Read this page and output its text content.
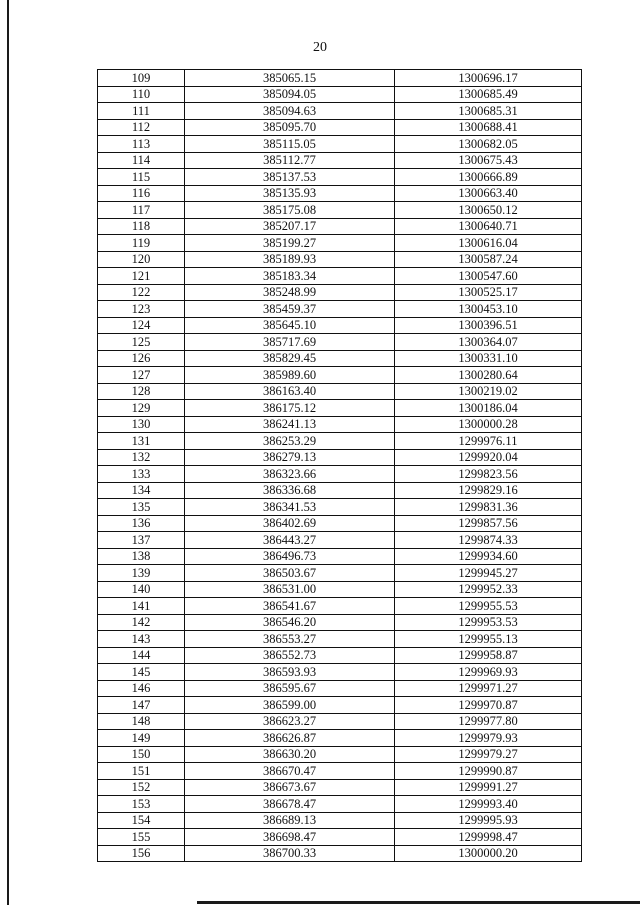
20
109	385065.15	1300696.17
110	385094.05	1300685.49
111	385094.63	1300685.31
112	385095.70	1300688.41
113	385115.05	1300682.05
114	385112.77	1300675.43
115	385137.53	1300666.89
116	385135.93	1300663.40
117	385175.08	1300650.12
118	385207.17	1300640.71
119	385199.27	1300616.04
120	385189.93	1300587.24
121	385183.34	1300547.60
122	385248.99	1300525.17
123	385459.37	1300453.10
124	385645.10	1300396.51
125	385717.69	1300364.07
126	385829.45	1300331.10
127	385989.60	1300280.64
128	386163.40	1300219.02
129	386175.12	1300186.04
130	386241.13	1300000.28
131	386253.29	1299976.11
132	386279.13	1299920.04
133	386323.66	1299823.56
134	386336.68	1299829.16
135	386341.53	1299831.36
136	386402.69	1299857.56
137	386443.27	1299874.33
138	386496.73	1299934.60
139	386503.67	1299945.27
140	386531.00	1299952.33
141	386541.67	1299955.53
142	386546.20	1299953.53
143	386553.27	1299955.13
144	386552.73	1299958.87
145	386593.93	1299969.93
146	386595.67	1299971.27
147	386599.00	1299970.87
148	386623.27	1299977.80
149	386626.87	1299979.93
150	386630.20	1299979.27
151	386670.47	1299990.87
152	386673.67	1299991.27
153	386678.47	1299993.40
154	386689.13	1299995.93
155	386698.47	1299998.47
156	386700.33	1300000.20
